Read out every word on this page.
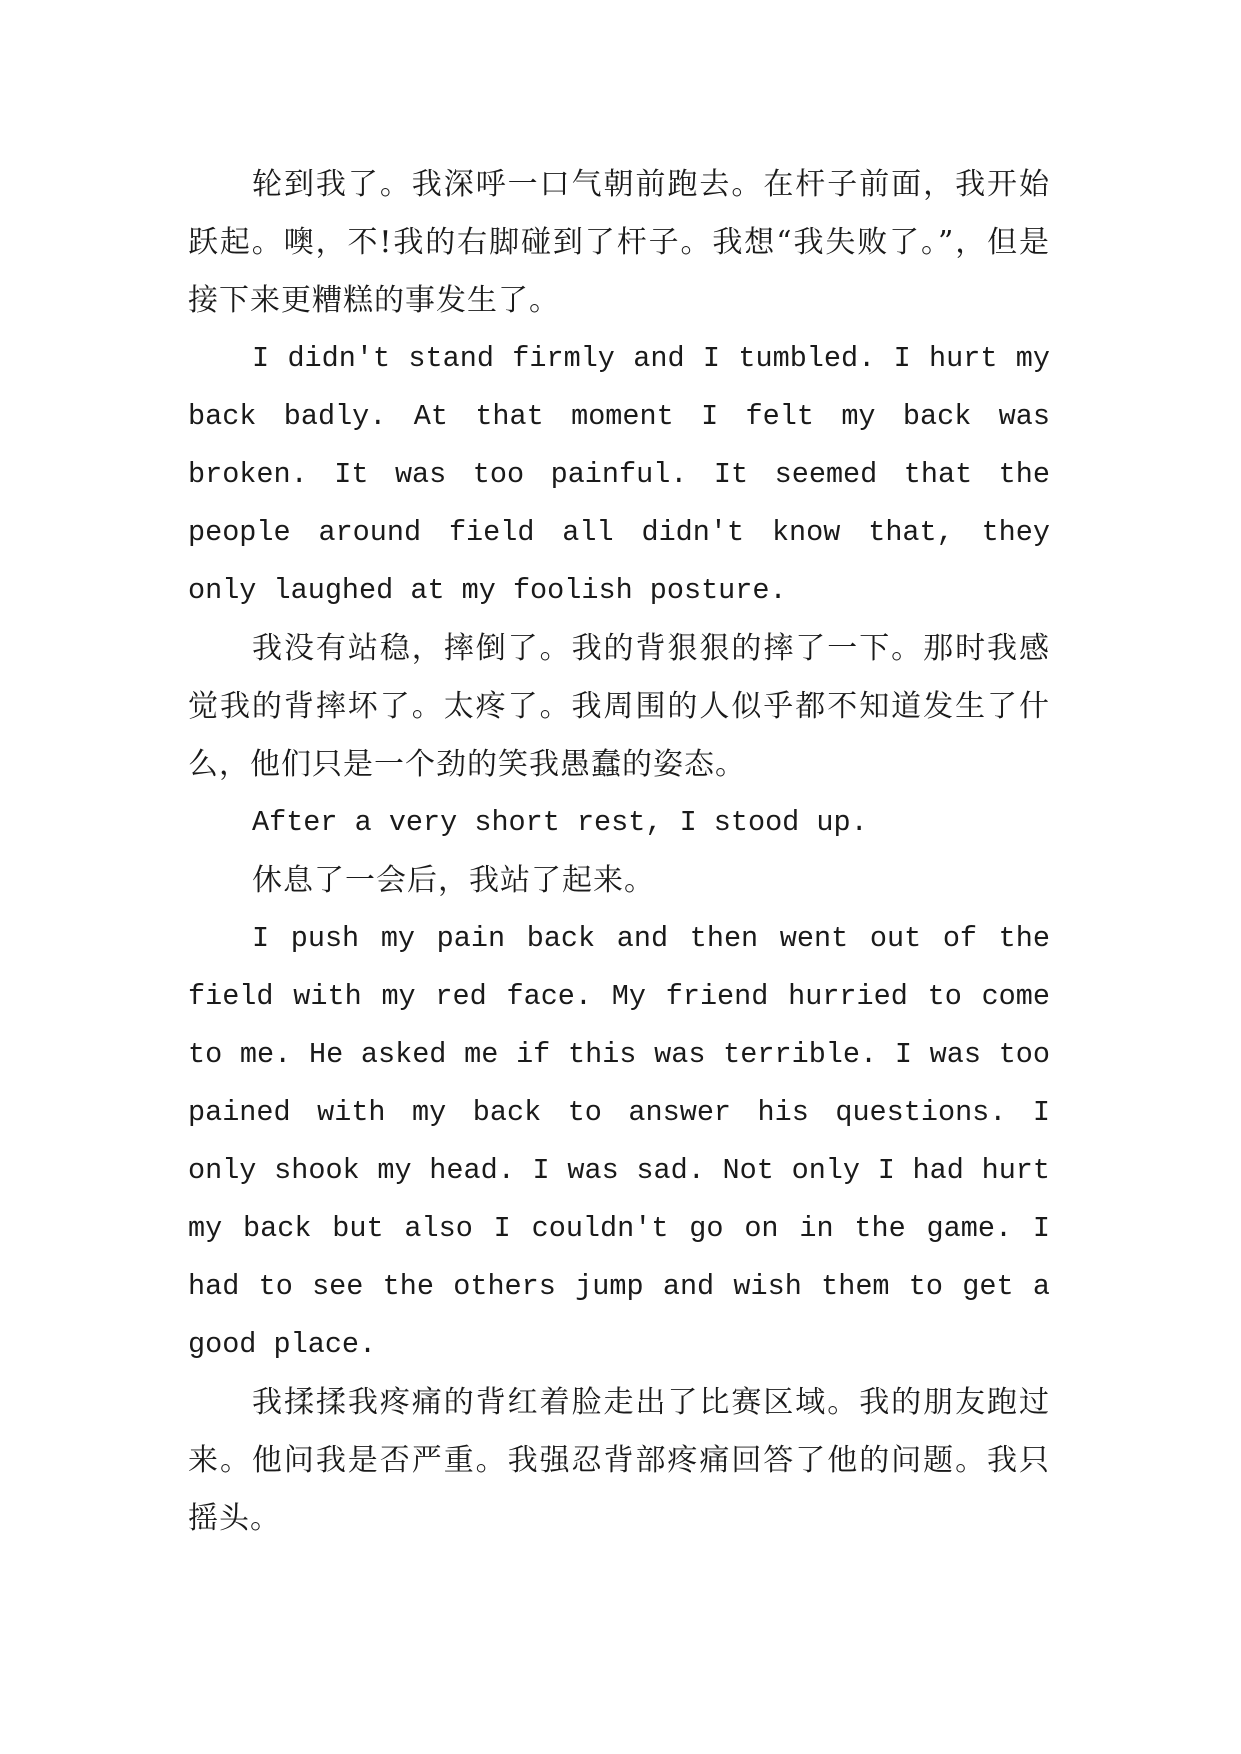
轮到我了。我深呼一口气朝前跑去。在杆子前面，我开始跃起。噢，不!我的右脚碰到了杆子。我想“我失败了。”，但是接下来更糟糕的事发生了。

I didn't stand firmly and I tumbled. I hurt my back badly. At that moment I felt my back was broken. It was too painful. It seemed that the people around field all didn't know that, they only laughed at my foolish posture.

我没有站稳，摔倒了。我的背狠狠的摔了一下。那时我感觉我的背摔坏了。太疼了。我周围的人似乎都不知道发生了什么，他们只是一个劲的笑我愚蠢的姿态。

After a very short rest, I stood up.

休息了一会后，我站了起来。

I push my pain back and then went out of the field with my red face. My friend hurried to come to me. He asked me if this was terrible. I was too pained with my back to answer his questions. I only shook my head. I was sad. Not only I had hurt my back but also I couldn't go on in the game. I had to see the others jump and wish them to get a good place.

我揉揉我疼痛的背红着脸走出了比赛区域。我的朋友跑过来。他问我是否严重。我强忍背部疼痛回答了他的问题。我只摇头。
